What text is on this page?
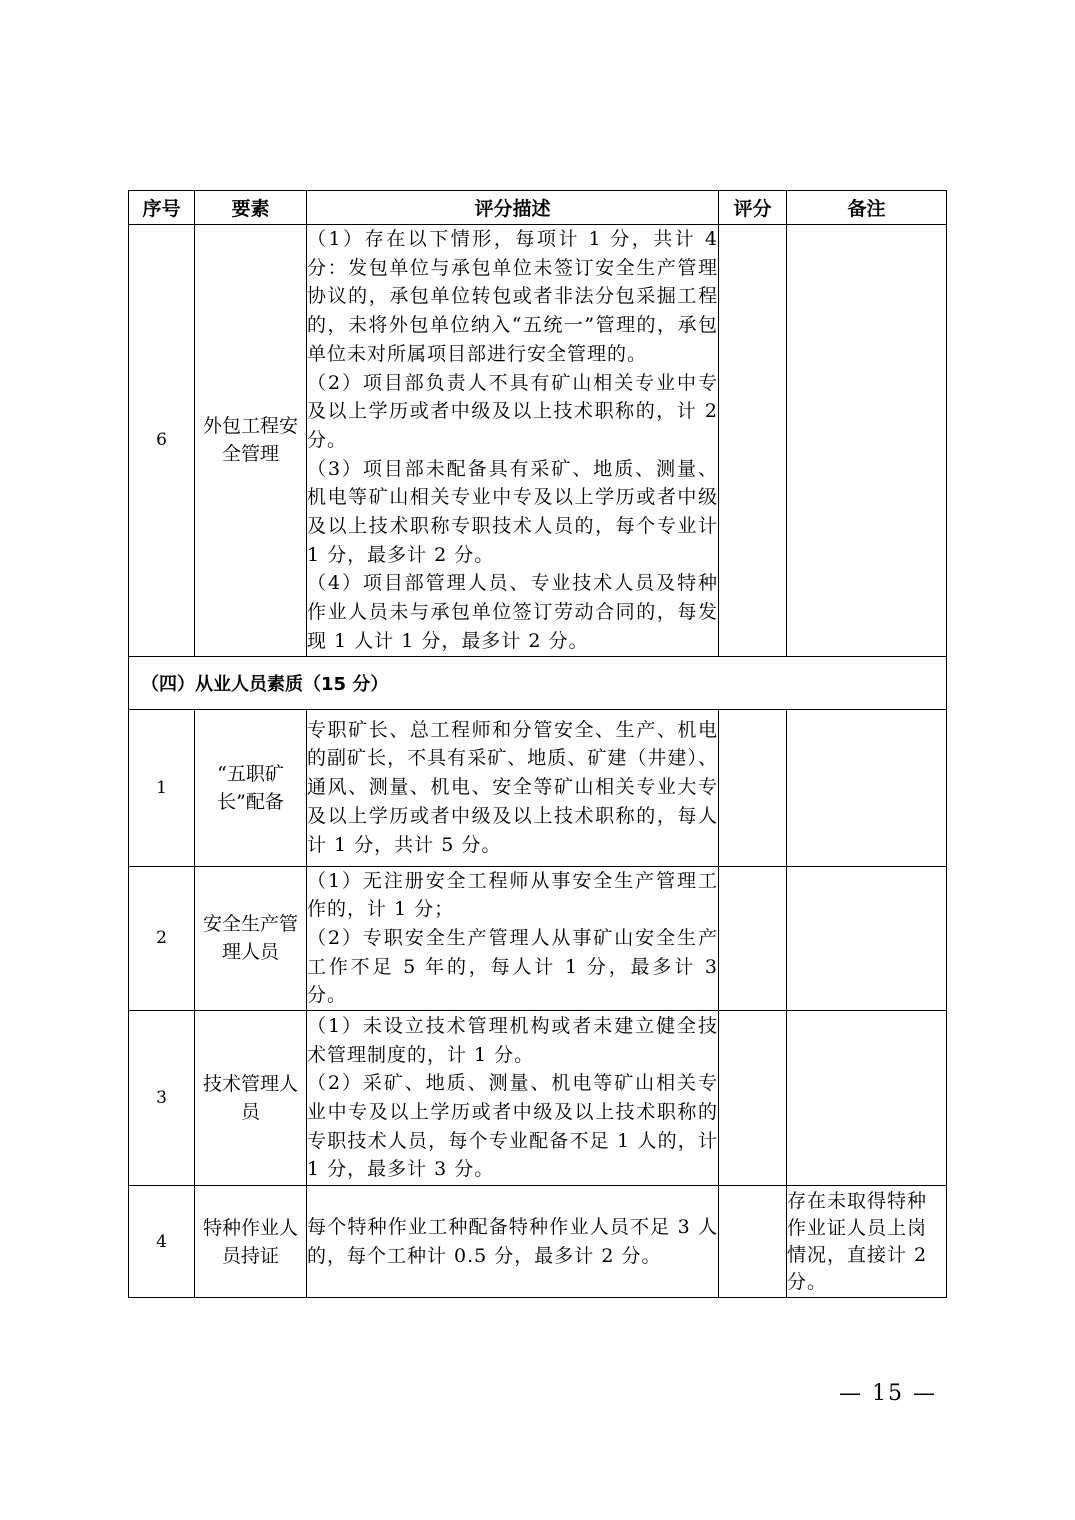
序号	要素	评分描述	评分	备注
6	外包工程安全管理	（1）存在以下情形，每项计 1 分，共计 4 分：发包单位与承包单位未签订安全生产管理协议的，承包单位转包或者非法分包采掘工程的，未将外包单位纳入“五统一”管理的，承包单位未对所属项目部进行安全管理的。
（2）项目部负责人不具有矿山相关专业中专及以上学历或者中级及以上技术职称的，计 2 分。
（3）项目部未配备具有采矿、地质、测量、机电等矿山相关专业中专及以上学历或者中级及以上技术职称专职技术人员的，每个专业计 1 分，最多计 2 分。
（4）项目部管理人员、专业技术人员及特种作业人员未与承包单位签订劳动合同的，每发现 1 人计 1 分，最多计 2 分。		

（四）从业人员素质（15 分）				
1	“五职矿长”配备	专职矿长、总工程师和分管安全、生产、机电的副矿长，不具有采矿、地质、矿建（井建）、通风、测量、机电、安全等矿山相关专业大专及以上学历或者中级及以上技术职称的，每人计 1 分，共计 5 分。		

2	安全生产管理人员	（1）无注册安全工程师从事安全生产管理工作的，计 1 分；
（2）专职安全生产管理人从事矿山安全生产工作不足 5 年的，每人计 1 分，最多计 3 分。		

3	技术管理人员	（1）未设立技术管理机构或者未建立健全技术管理制度的，计 1 分。
（2）采矿、地质、测量、机电等矿山相关专业中专及以上学历或者中级及以上技术职称的专职技术人员，每个专业配备不足 1 人的，计 1 分，最多计 3 分。		

4	特种作业人员持证	每个特种作业工种配备特种作业人员不足 3 人的，每个工种计 0.5 分，最多计 2 分。		存在未取得特种作业证人员上岗情况，直接计 2 分。
— 15 —
